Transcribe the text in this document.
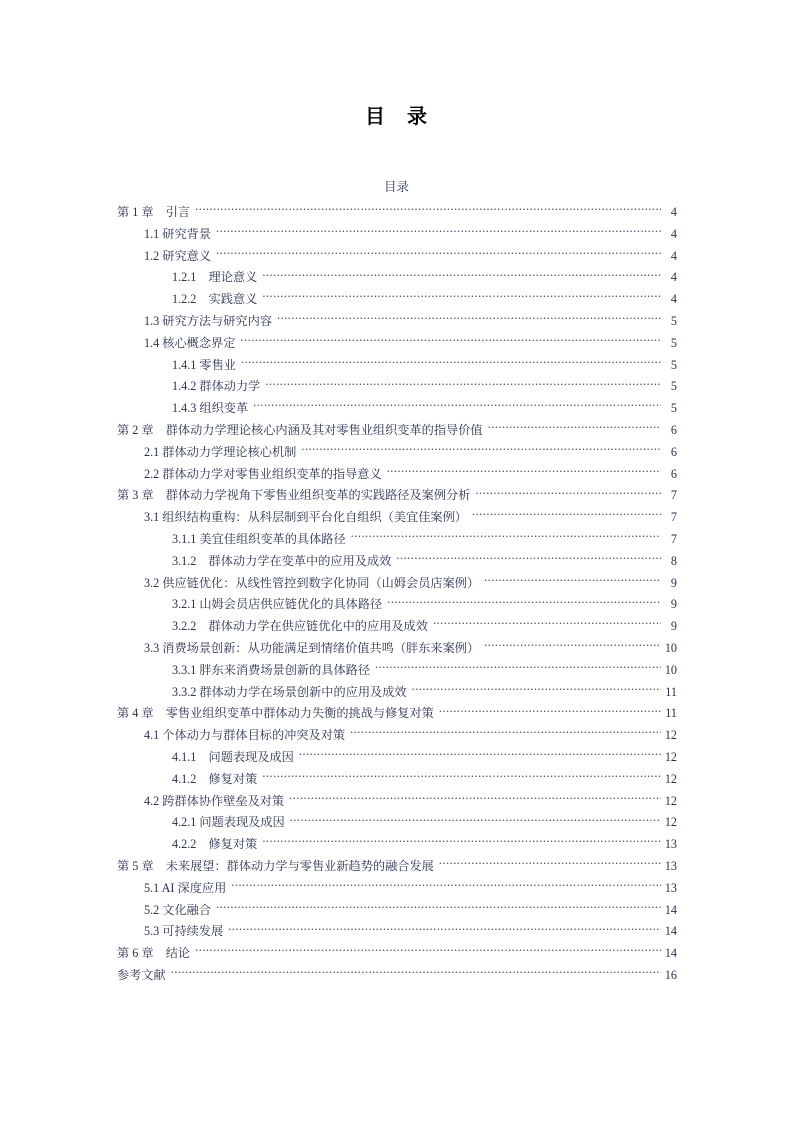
目　录
目录
第 1 章　引言 .....	4
1.1 研究背景 .....	4
1.2 研究意义 .....	4
1.2.1　理论意义 .....	4
1.2.2　实践意义 .....	4
1.3 研究方法与研究内容 .....	5
1.4 核心概念界定 .....	5
1.4.1 零售业 .....	5
1.4.2 群体动力学 .....	5
1.4.3 组织变革 .....	5
第 2 章　群体动力学理论核心内涵及其对零售业组织变革的指导价值 .....	6
2.1 群体动力学理论核心机制 .....	6
2.2 群体动力学对零售业组织变革的指导意义 .....	6
第 3 章　群体动力学视角下零售业组织变革的实践路径及案例分析 .....	7
3.1 组织结构重构：从科层制到平台化自组织（美宜佳案例） .....	7
3.1.1 美宜佳组织变革的具体路径 .....	7
3.1.2　群体动力学在变革中的应用及成效 .....	8
3.2 供应链优化：从线性管控到数字化协同（山姆会员店案例） .....	9
3.2.1 山姆会员店供应链优化的具体路径 .....	9
3.2.2　群体动力学在供应链优化中的应用及成效 .....	9
3.3 消费场景创新：从功能满足到情绪价值共鸣（胖东来案例） .....	10
3.3.1 胖东来消费场景创新的具体路径 .....	10
3.3.2 群体动力学在场景创新中的应用及成效 .....	11
第 4 章　零售业组织变革中群体动力失衡的挑战与修复对策 .....	11
4.1 个体动力与群体目标的冲突及对策 .....	12
4.1.1　问题表现及成因 .....	12
4.1.2　修复对策 .....	12
4.2 跨群体协作壁垒及对策 .....	12
4.2.1 问题表现及成因 .....	12
4.2.2　修复对策 .....	13
第 5 章　未来展望：群体动力学与零售业新趋势的融合发展 .....	13
5.1 AI 深度应用 .....	13
5.2 文化融合 .....	14
5.3 可持续发展 .....	14
第 6 章　结论 .....	14
参考文献 .....	16
